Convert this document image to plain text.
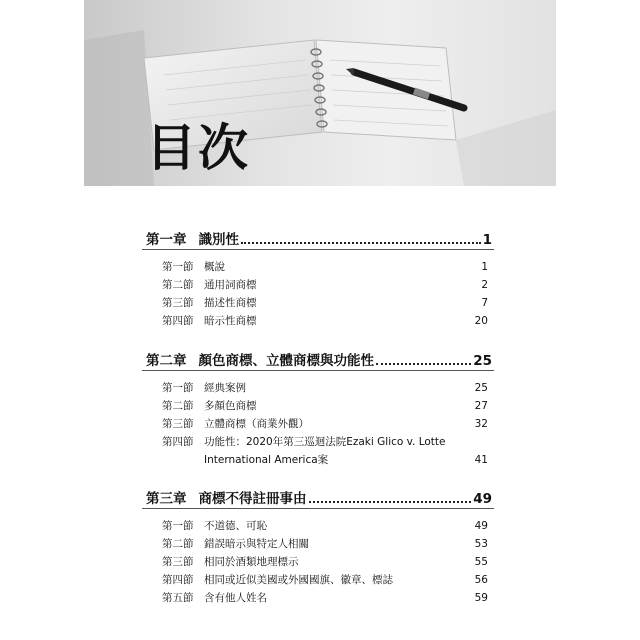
目次
第一章 識別性	1
第一節	概說	1
第二節	通用詞商標	2
第三節	描述性商標	7
第四節	暗示性商標	20
第二章 顏色商標、立體商標與功能性	25
第一節	經典案例	25
第二節	多顏色商標	27
第三節	立體商標（商業外觀）	32
第四節	功能性：2020年第三巡迴法院Ezaki Glico v. Lotte International America案	41
第三章 商標不得註冊事由	49
第一節	不道德、可恥	49
第二節	錯誤暗示與特定人相關	53
第三節	相同於酒類地理標示	55
第四節	相同或近似美國或外國國旗、徽章、標誌	56
第五節	含有他人姓名	59
